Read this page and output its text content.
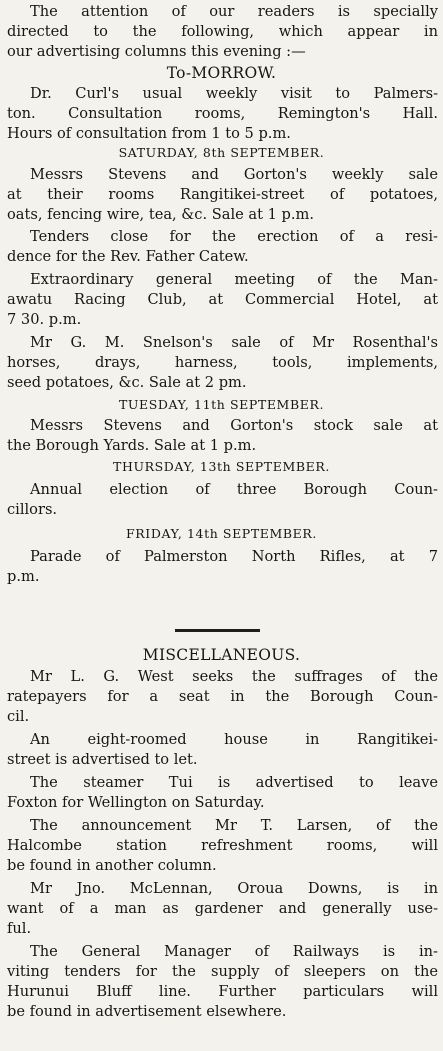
The attention of our readers is specially
directed to the following, which appear in
our advertising columns this evening :—
To-MORROW.
Dr. Curl's usual weekly visit to Palmers-
ton. Consultation rooms, Remington's Hall.
Hours of consultation from 1 to 5 p.m.
SATURDAY, 8th SEPTEMBER.
Messrs Stevens and Gorton's weekly sale
at their rooms Rangitikei-street of potatoes,
oats, fencing wire, tea, &c. Sale at 1 p.m.
Tenders close for the erection of a resi-
dence for the Rev. Father Catew.
Extraordinary general meeting of the Man-
awatu Racing Club, at Commercial Hotel, at
7 30. p.m.
Mr G. M. Snelson's sale of Mr Rosenthal's
horses, drays, harness, tools, implements,
seed potatoes, &c. Sale at 2 pm.
TUESDAY, 11th SEPTEMBER.
Messrs Stevens and Gorton's stock sale at
the Borough Yards. Sale at 1 p.m.
THURSDAY, 13th SEPTEMBER.
Annual election of three Borough Coun-
cillors.
FRIDAY, 14th SEPTEMBER.
Parade of Palmerston North Rifles, at 7
p.m.
MISCELLANEOUS.
Mr L. G. West seeks the suffrages of the
ratepayers for a seat in the Borough Coun-
cil.
An eight-roomed house in Rangitikei-
street is advertised to let.
The steamer Tui is advertised to leave
Foxton for Wellington on Saturday.
The announcement Mr T. Larsen, of the
Halcombe station refreshment rooms, will
be found in another column.
Mr Jno. McLennan, Oroua Downs, is in
want of a man as gardener and generally use-
ful.
The General Manager of Railways is in-
viting tenders for the supply of sleepers on the
Hurunui Bluff line. Further particulars will
be found in advertisement elsewhere.
